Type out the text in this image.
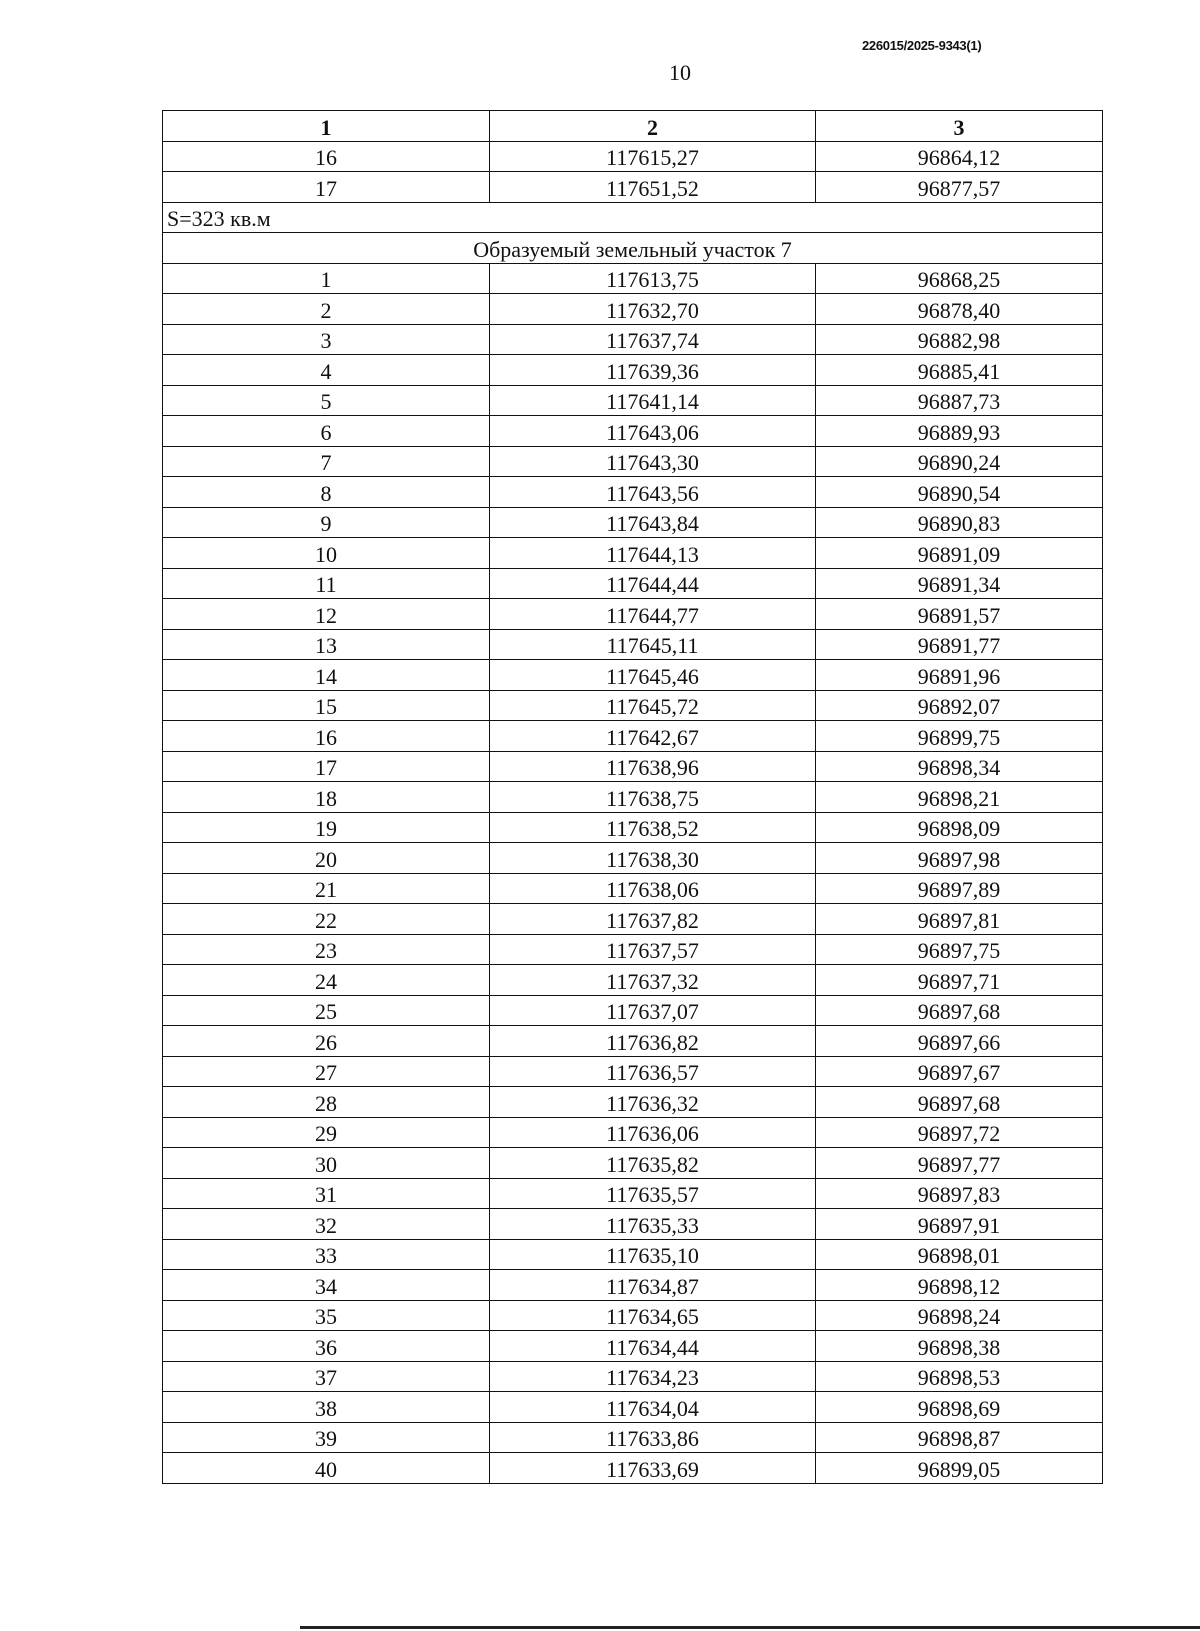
226015/2025-9343(1)
10
1	2	3
16	117615,27	96864,12
17	117651,52	96877,57
S=323 кв.м		
Образуемый земельный участок 7		
1	117613,75	96868,25
2	117632,70	96878,40
3	117637,74	96882,98
4	117639,36	96885,41
5	117641,14	96887,73
6	117643,06	96889,93
7	117643,30	96890,24
8	117643,56	96890,54
9	117643,84	96890,83
10	117644,13	96891,09
11	117644,44	96891,34
12	117644,77	96891,57
13	117645,11	96891,77
14	117645,46	96891,96
15	117645,72	96892,07
16	117642,67	96899,75
17	117638,96	96898,34
18	117638,75	96898,21
19	117638,52	96898,09
20	117638,30	96897,98
21	117638,06	96897,89
22	117637,82	96897,81
23	117637,57	96897,75
24	117637,32	96897,71
25	117637,07	96897,68
26	117636,82	96897,66
27	117636,57	96897,67
28	117636,32	96897,68
29	117636,06	96897,72
30	117635,82	96897,77
31	117635,57	96897,83
32	117635,33	96897,91
33	117635,10	96898,01
34	117634,87	96898,12
35	117634,65	96898,24
36	117634,44	96898,38
37	117634,23	96898,53
38	117634,04	96898,69
39	117633,86	96898,87
40	117633,69	96899,05
